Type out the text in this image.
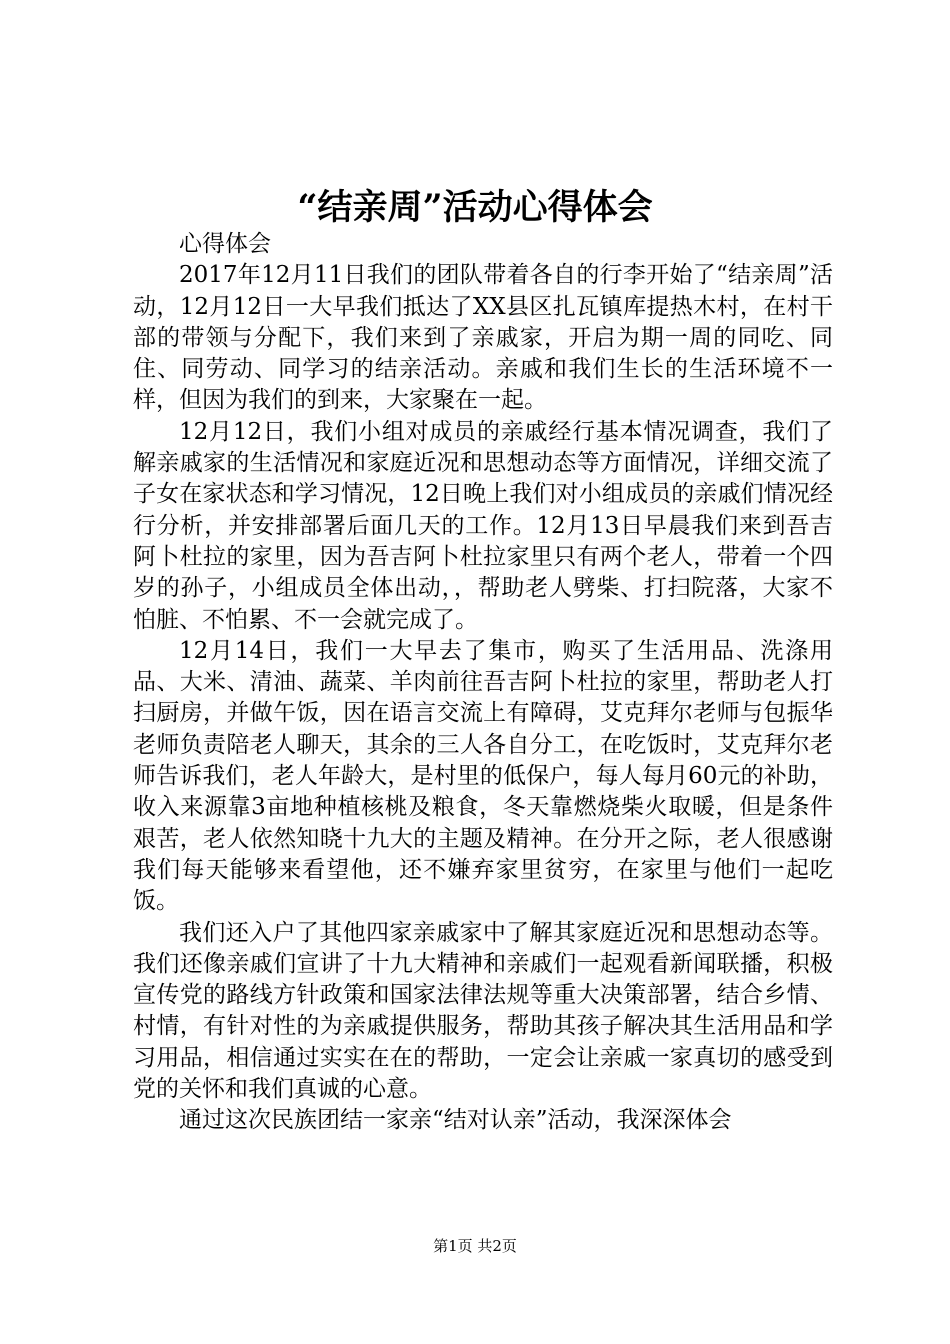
“结亲周”活动心得体会

心得体会

2017年12月11日我们的团队带着各自的行李开始了“结亲周”活动，12月12日一大早我们抵达了XX县区扎瓦镇库提热木村，在村干部的带领与分配下，我们来到了亲戚家，开启为期一周的同吃、同住、同劳动、同学习的结亲活动。亲戚和我们生长的生活环境不一样，但因为我们的到来，大家聚在一起。

12月12日，我们小组对成员的亲戚经行基本情况调查，我们了解亲戚家的生活情况和家庭近况和思想动态等方面情况，详细交流了子女在家状态和学习情况，12日晚上我们对小组成员的亲戚们情况经行分析，并安排部署后面几天的工作。12月13日早晨我们来到吾吉阿卜杜拉的家里，因为吾吉阿卜杜拉家里只有两个老人，带着一个四岁的孙子，小组成员全体出动，，帮助老人劈柴、打扫院落，大家不怕脏、不怕累、不一会就完成了。

12月14日，我们一大早去了集市，购买了生活用品、洗涤用品、大米、清油、蔬菜、羊肉前往吾吉阿卜杜拉的家里，帮助老人打扫厨房，并做午饭，因在语言交流上有障碍，艾克拜尔老师与包振华老师负责陪老人聊天，其余的三人各自分工，在吃饭时，艾克拜尔老师告诉我们，老人年龄大，是村里的低保户，每人每月60元的补助，收入来源靠3亩地种植核桃及粮食，冬天靠燃烧柴火取暖，但是条件艰苦，老人依然知晓十九大的主题及精神。在分开之际，老人很感谢我们每天能够来看望他，还不嫌弃家里贫穷，在家里与他们一起吃饭。

我们还入户了其他四家亲戚家中了解其家庭近况和思想动态等。我们还像亲戚们宣讲了十九大精神和亲戚们一起观看新闻联播，积极宣传党的路线方针政策和国家法律法规等重大决策部署，结合乡情、村情，有针对性的为亲戚提供服务，帮助其孩子解决其生活用品和学习用品，相信通过实实在在的帮助，一定会让亲戚一家真切的感受到党的关怀和我们真诚的心意。

通过这次民族团结一家亲“结对认亲”活动，我深深体会

第1页 共2页
